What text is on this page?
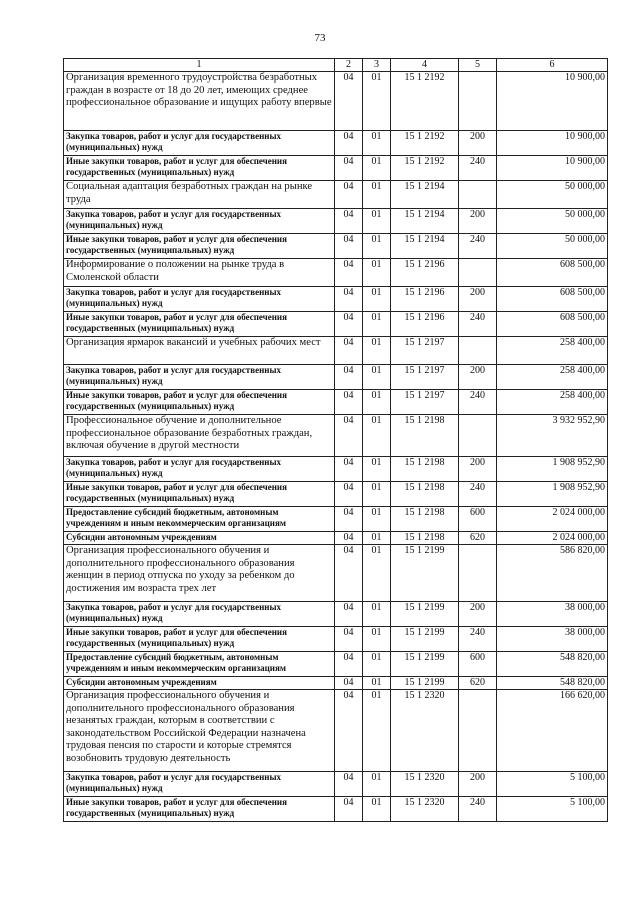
73
1	2	3	4	5	6
Организация временного трудоустройства безработных граждан в возрасте от 18 до 20 лет, имеющих среднее профессиональное образование и ищущих работу впервые	04	01	15 1 2192		10 900,00
Закупка товаров, работ и услуг для государственных (муниципальных) нужд	04	01	15 1 2192	200	10 900,00
Иные закупки товаров, работ и услуг для обеспечения государственных (муниципальных) нужд	04	01	15 1 2192	240	10 900,00
Социальная адаптация безработных граждан на рынке труда	04	01	15 1 2194		50 000,00
Закупка товаров, работ и услуг для государственных (муниципальных) нужд	04	01	15 1 2194	200	50 000,00
Иные закупки товаров, работ и услуг для обеспечения государственных (муниципальных) нужд	04	01	15 1 2194	240	50 000,00
Информирование о положении на рынке труда в Смоленской области	04	01	15 1 2196		608 500,00
Закупка товаров, работ и услуг для государственных (муниципальных) нужд	04	01	15 1 2196	200	608 500,00
Иные закупки товаров, работ и услуг для обеспечения государственных (муниципальных) нужд	04	01	15 1 2196	240	608 500,00
Организация ярмарок вакансий и учебных рабочих мест	04	01	15 1 2197		258 400,00
Закупка товаров, работ и услуг для государственных (муниципальных) нужд	04	01	15 1 2197	200	258 400,00
Иные закупки товаров, работ и услуг для обеспечения государственных (муниципальных) нужд	04	01	15 1 2197	240	258 400,00
Профессиональное обучение и дополнительное профессиональное образование безработных граждан, включая обучение в другой местности	04	01	15 1 2198		3 932 952,90
Закупка товаров, работ и услуг для государственных (муниципальных) нужд	04	01	15 1 2198	200	1 908 952,90
Иные закупки товаров, работ и услуг для обеспечения государственных (муниципальных) нужд	04	01	15 1 2198	240	1 908 952,90
Предоставление субсидий бюджетным, автономным учреждениям и иным некоммерческим организациям	04	01	15 1 2198	600	2 024 000,00
Субсидии автономным учреждениям	04	01	15 1 2198	620	2 024 000,00
Организация профессионального обучения и дополнительного профессионального образования женщин в период отпуска по уходу за ребенком до достижения им возраста трех лет	04	01	15 1 2199		586 820,00
Закупка товаров, работ и услуг для государственных (муниципальных) нужд	04	01	15 1 2199	200	38 000,00
Иные закупки товаров, работ и услуг для обеспечения государственных (муниципальных) нужд	04	01	15 1 2199	240	38 000,00
Предоставление субсидий бюджетным, автономным учреждениям и иным некоммерческим организациям	04	01	15 1 2199	600	548 820,00
Субсидии автономным учреждениям	04	01	15 1 2199	620	548 820,00
Организация профессионального обучения и дополнительного профессионального образования незанятых граждан, которым в соответствии с законодательством Российской Федерации назначена трудовая пенсия по старости и которые стремятся возобновить трудовую деятельность	04	01	15 1 2320		166 620,00
Закупка товаров, работ и услуг для государственных (муниципальных) нужд	04	01	15 1 2320	200	5 100,00
Иные закупки товаров, работ и услуг для обеспечения государственных (муниципальных) нужд	04	01	15 1 2320	240	5 100,00
